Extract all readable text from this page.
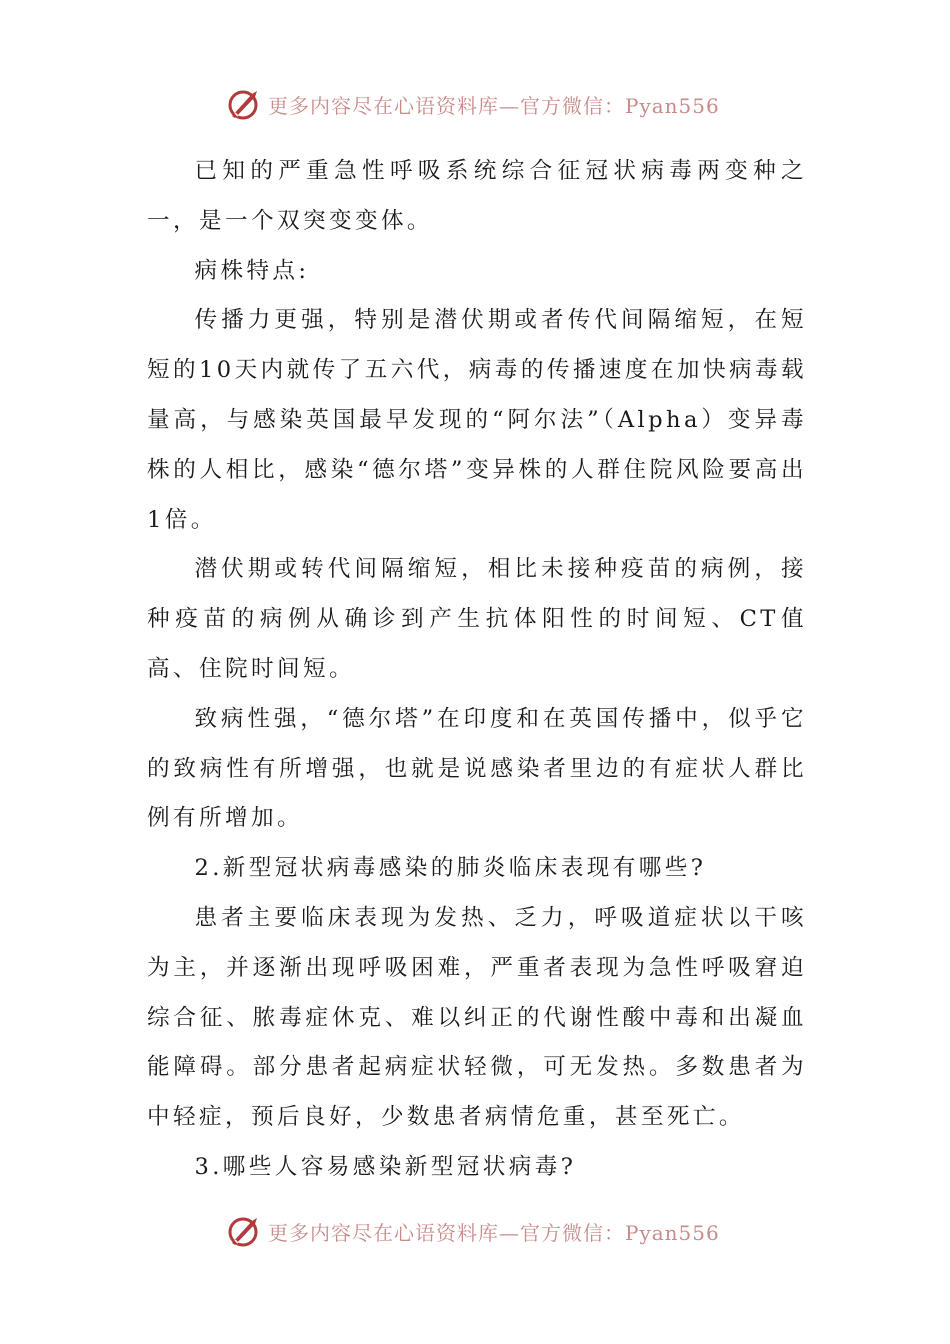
更多内容尽在心语资料库—官方微信：Pyan556

已知的严重急性呼吸系统综合征冠状病毒两变种之一，是一个双突变变体。

病株特点:

传播力更强，特别是潜伏期或者传代间隔缩短，在短短的10天内就传了五六代，病毒的传播速度在加快病毒载量高，与感染英国最早发现的“阿尔法”（Alpha）变异毒株的人相比，感染“德尔塔”变异株的人群住院风险要高出1倍。

潜伏期或转代间隔缩短，相比未接种疫苗的病例，接种疫苗的病例从确诊到产生抗体阳性的时间短、CT值高、住院时间短。

致病性强，“德尔塔”在印度和在英国传播中，似乎它的致病性有所增强，也就是说感染者里边的有症状人群比例有所增加。

2.新型冠状病毒感染的肺炎临床表现有哪些?

患者主要临床表现为发热、乏力，呼吸道症状以干咳为主，并逐渐出现呼吸困难，严重者表现为急性呼吸窘迫综合征、脓毒症休克、难以纠正的代谢性酸中毒和出凝血能障碍。部分患者起病症状轻微，可无发热。多数患者为中轻症，预后良好，少数患者病情危重，甚至死亡。

3.哪些人容易感染新型冠状病毒?

更多内容尽在心语资料库—官方微信：Pyan556
